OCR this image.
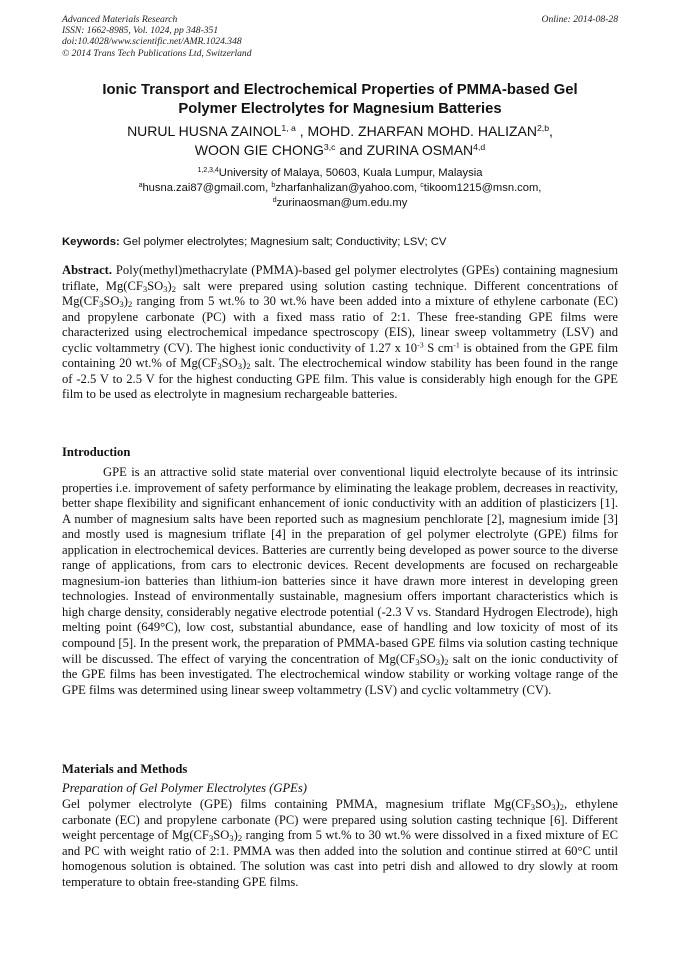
Advanced Materials Research
ISSN: 1662-8985, Vol. 1024, pp 348-351
doi:10.4028/www.scientific.net/AMR.1024.348
© 2014 Trans Tech Publications Ltd, Switzerland
Online: 2014-08-28
Ionic Transport and Electrochemical Properties of PMMA-based Gel
Polymer Electrolytes for Magnesium Batteries
NURUL HUSNA ZAINOL$^{1, a}$ , MOHD. ZHARFAN MOHD. HALIZAN$^{2,b}$,
WOON GIE CHONG$^{3,c}$ and ZURINA OSMAN$^{4,d}$
$^{1,2,3,4}$University of Malaya, 50603, Kuala Lumpur, Malaysia
$^a$husna.zai87@gmail.com, $^b$zharfanhalizan@yahoo.com, $^c$tikoom1215@msn.com,
$^d$zurinaosman@um.edu.my
Keywords: Gel polymer electrolytes; Magnesium salt; Conductivity; LSV; CV
Abstract. Poly(methyl)methacrylate (PMMA)-based gel polymer electrolytes (GPEs) containing magnesium triflate, $Mg(CF_3SO_3)_2$ salt were prepared using solution casting technique. Different concentrations of $Mg(CF_3SO_3)_2$ ranging from 5 wt.% to 30 wt.% have been added into a mixture of ethylene carbonate (EC) and propylene carbonate (PC) with a fixed mass ratio of 2:1. These free-standing GPE films were characterized using electrochemical impedance spectroscopy (EIS), linear sweep voltammetry (LSV) and cyclic voltammetry (CV). The highest ionic conductivity of 1.27 x $10^{-3}$ S $cm^{-1}$ is obtained from the GPE film containing 20 wt.% of $Mg(CF_3SO_3)_2$ salt. The electrochemical window stability has been found in the range of -2.5 V to 2.5 V for the highest conducting GPE film. This value is considerably high enough for the GPE film to be used as electrolyte in magnesium rechargeable batteries.
Introduction
GPE is an attractive solid state material over conventional liquid electrolyte because of its intrinsic properties i.e. improvement of safety performance by eliminating the leakage problem, decreases in reactivity, better shape flexibility and significant enhancement of ionic conductivity with an addition of plasticizers [1]. A number of magnesium salts have been reported such as magnesium penchlorate [2], magnesium imide [3] and mostly used is magnesium triflate [4] in the preparation of gel polymer electrolyte (GPE) films for application in electrochemical devices. Batteries are currently being developed as power source to the diverse range of applications, from cars to electronic devices. Recent developments are focused on rechargeable magnesium-ion batteries than lithium-ion batteries since it have drawn more interest in developing green technologies. Instead of environmentally sustainable, magnesium offers important characteristics which is high charge density, considerably negative electrode potential (-2.3 V vs. Standard Hydrogen Electrode), high melting point (649°C), low cost, substantial abundance, ease of handling and low toxicity of most of its compound [5]. In the present work, the preparation of PMMA-based GPE films via solution casting technique will be discussed. The effect of varying the concentration of $Mg(CF_3SO_3)_2$ salt on the ionic conductivity of the GPE films has been investigated. The electrochemical window stability or working voltage range of the GPE films was determined using linear sweep voltammetry (LSV) and cyclic voltammetry (CV).
Materials and Methods
Preparation of Gel Polymer Electrolytes (GPEs)
Gel polymer electrolyte (GPE) films containing PMMA, magnesium triflate $Mg(CF_3SO_3)_2$, ethylene carbonate (EC) and propylene carbonate (PC) were prepared using solution casting technique [6]. Different weight percentage of $Mg(CF_3SO_3)_2$ ranging from 5 wt.% to 30 wt.% were dissolved in a fixed mixture of EC and PC with weight ratio of 2:1. PMMA was then added into the solution and continue stirred at 60°C until homogenous solution is obtained. The solution was cast into petri dish and allowed to dry slowly at room temperature to obtain free-standing GPE films.
